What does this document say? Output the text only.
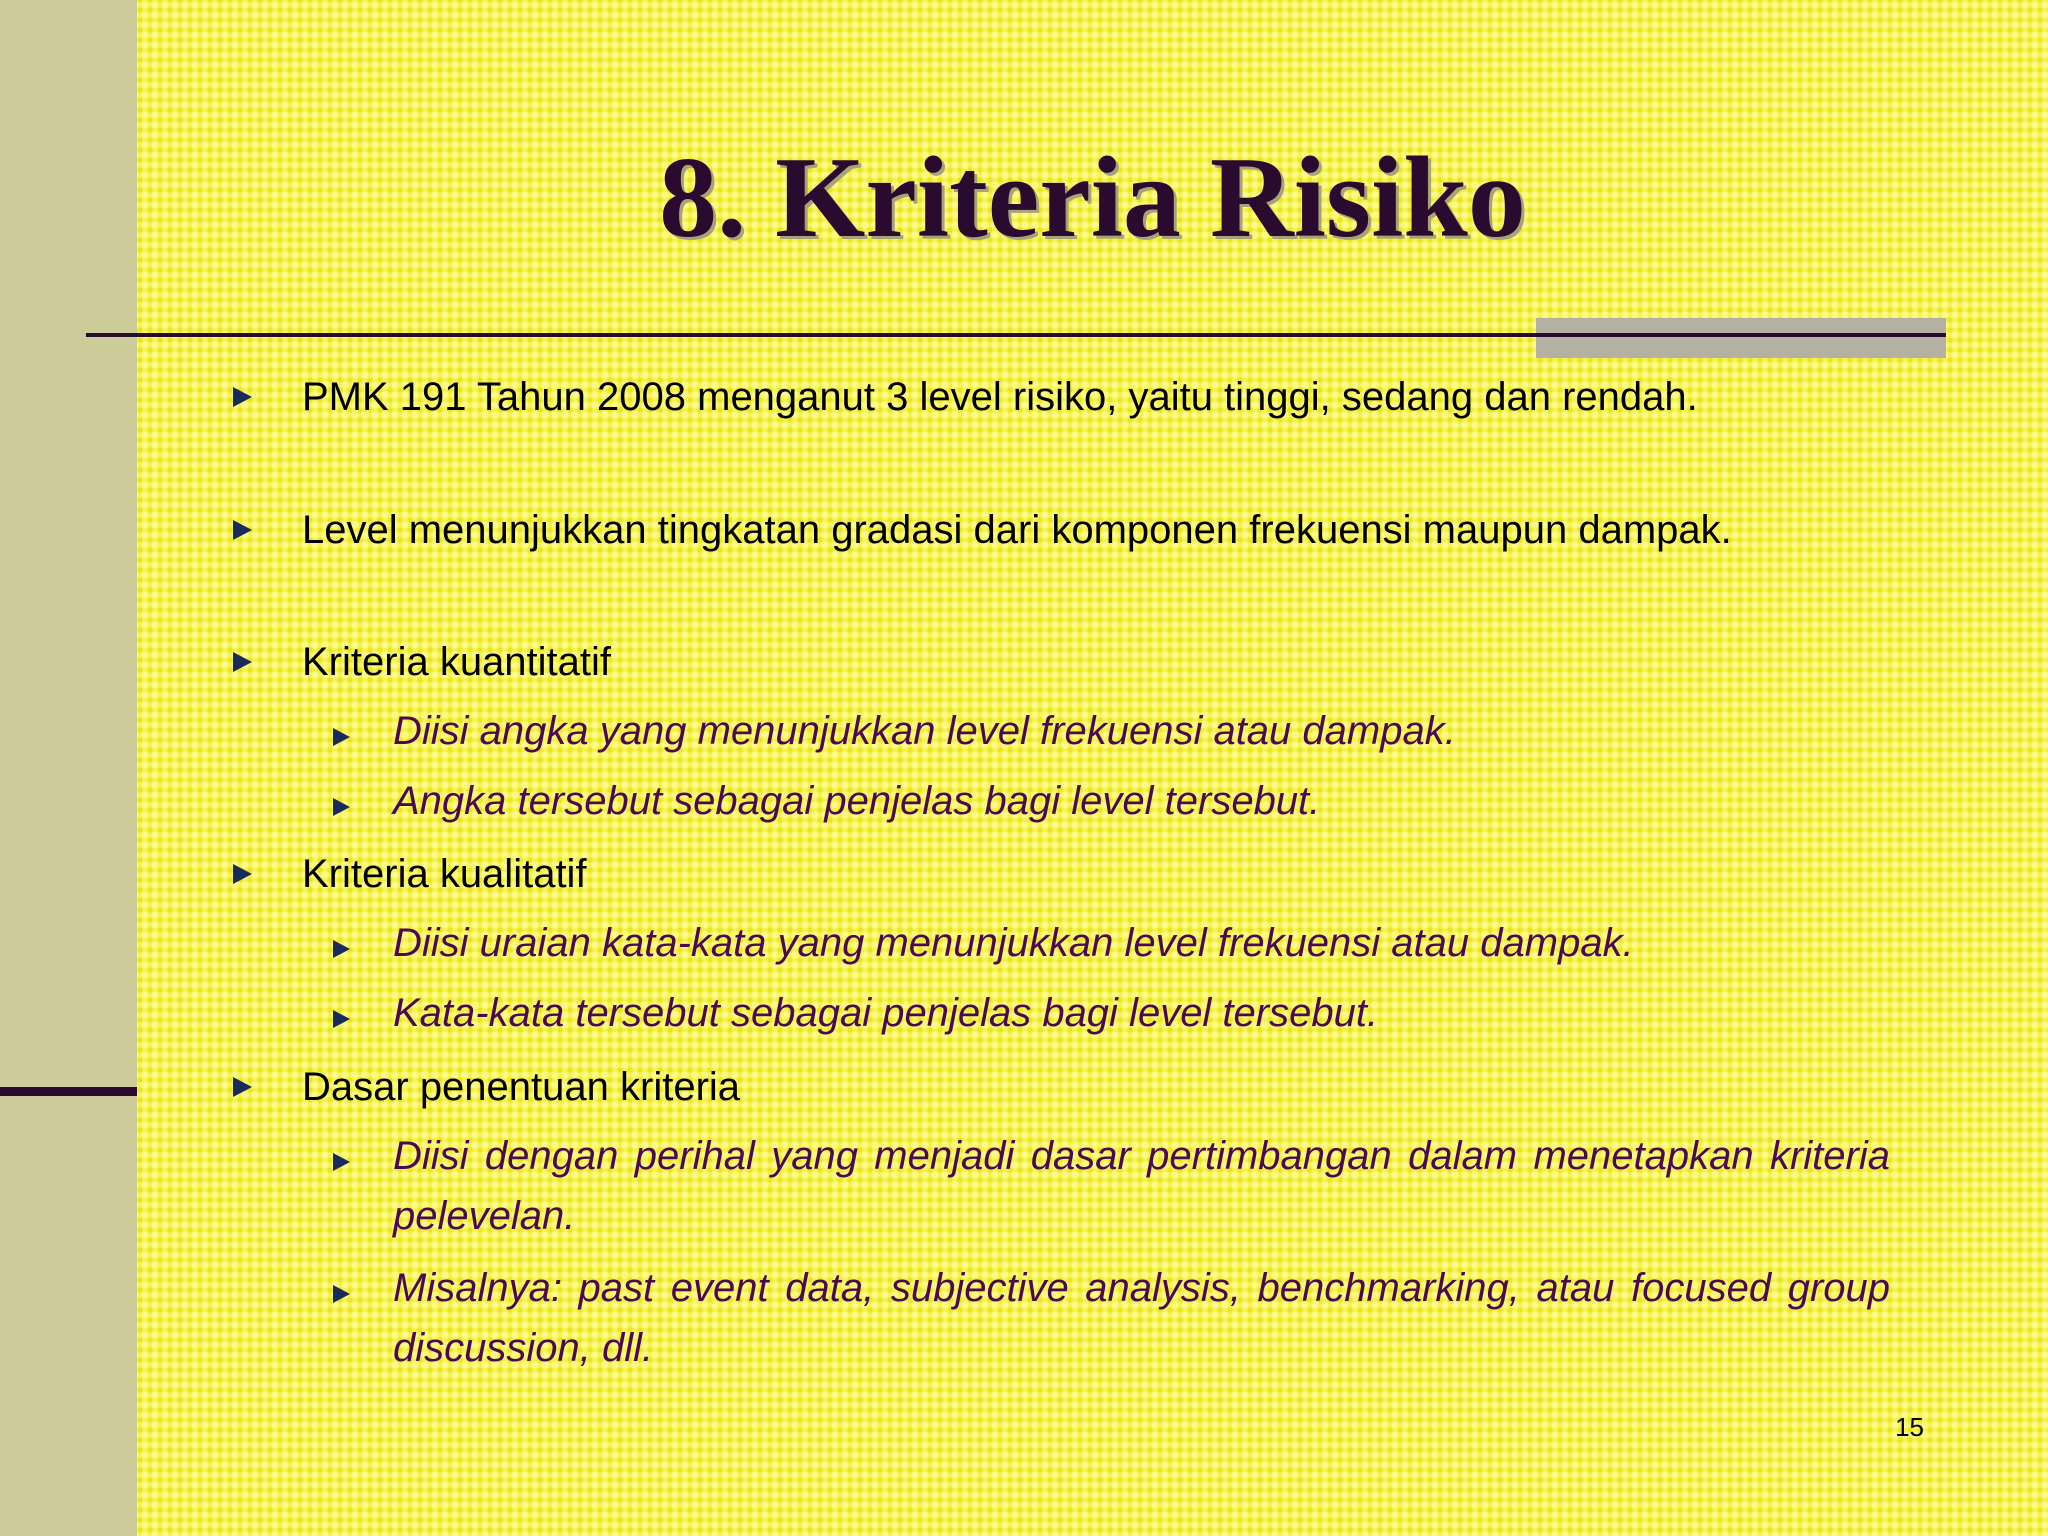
8. Kriteria Risiko
PMK 191 Tahun 2008 menganut 3 level risiko, yaitu tinggi, sedang dan rendah.
Level menunjukkan tingkatan gradasi dari komponen frekuensi maupun dampak.
Kriteria kuantitatif
Diisi angka yang menunjukkan level frekuensi atau dampak.
Angka tersebut sebagai penjelas bagi level tersebut.
Kriteria kualitatif
Diisi uraian kata-kata yang menunjukkan level frekuensi atau dampak.
Kata-kata tersebut sebagai penjelas bagi level tersebut.
Dasar penentuan kriteria
Diisi dengan perihal yang menjadi dasar pertimbangan dalam menetapkan kriteria pelevelan.
Misalnya: past event data, subjective analysis, benchmarking, atau focused group discussion, dll.
15
